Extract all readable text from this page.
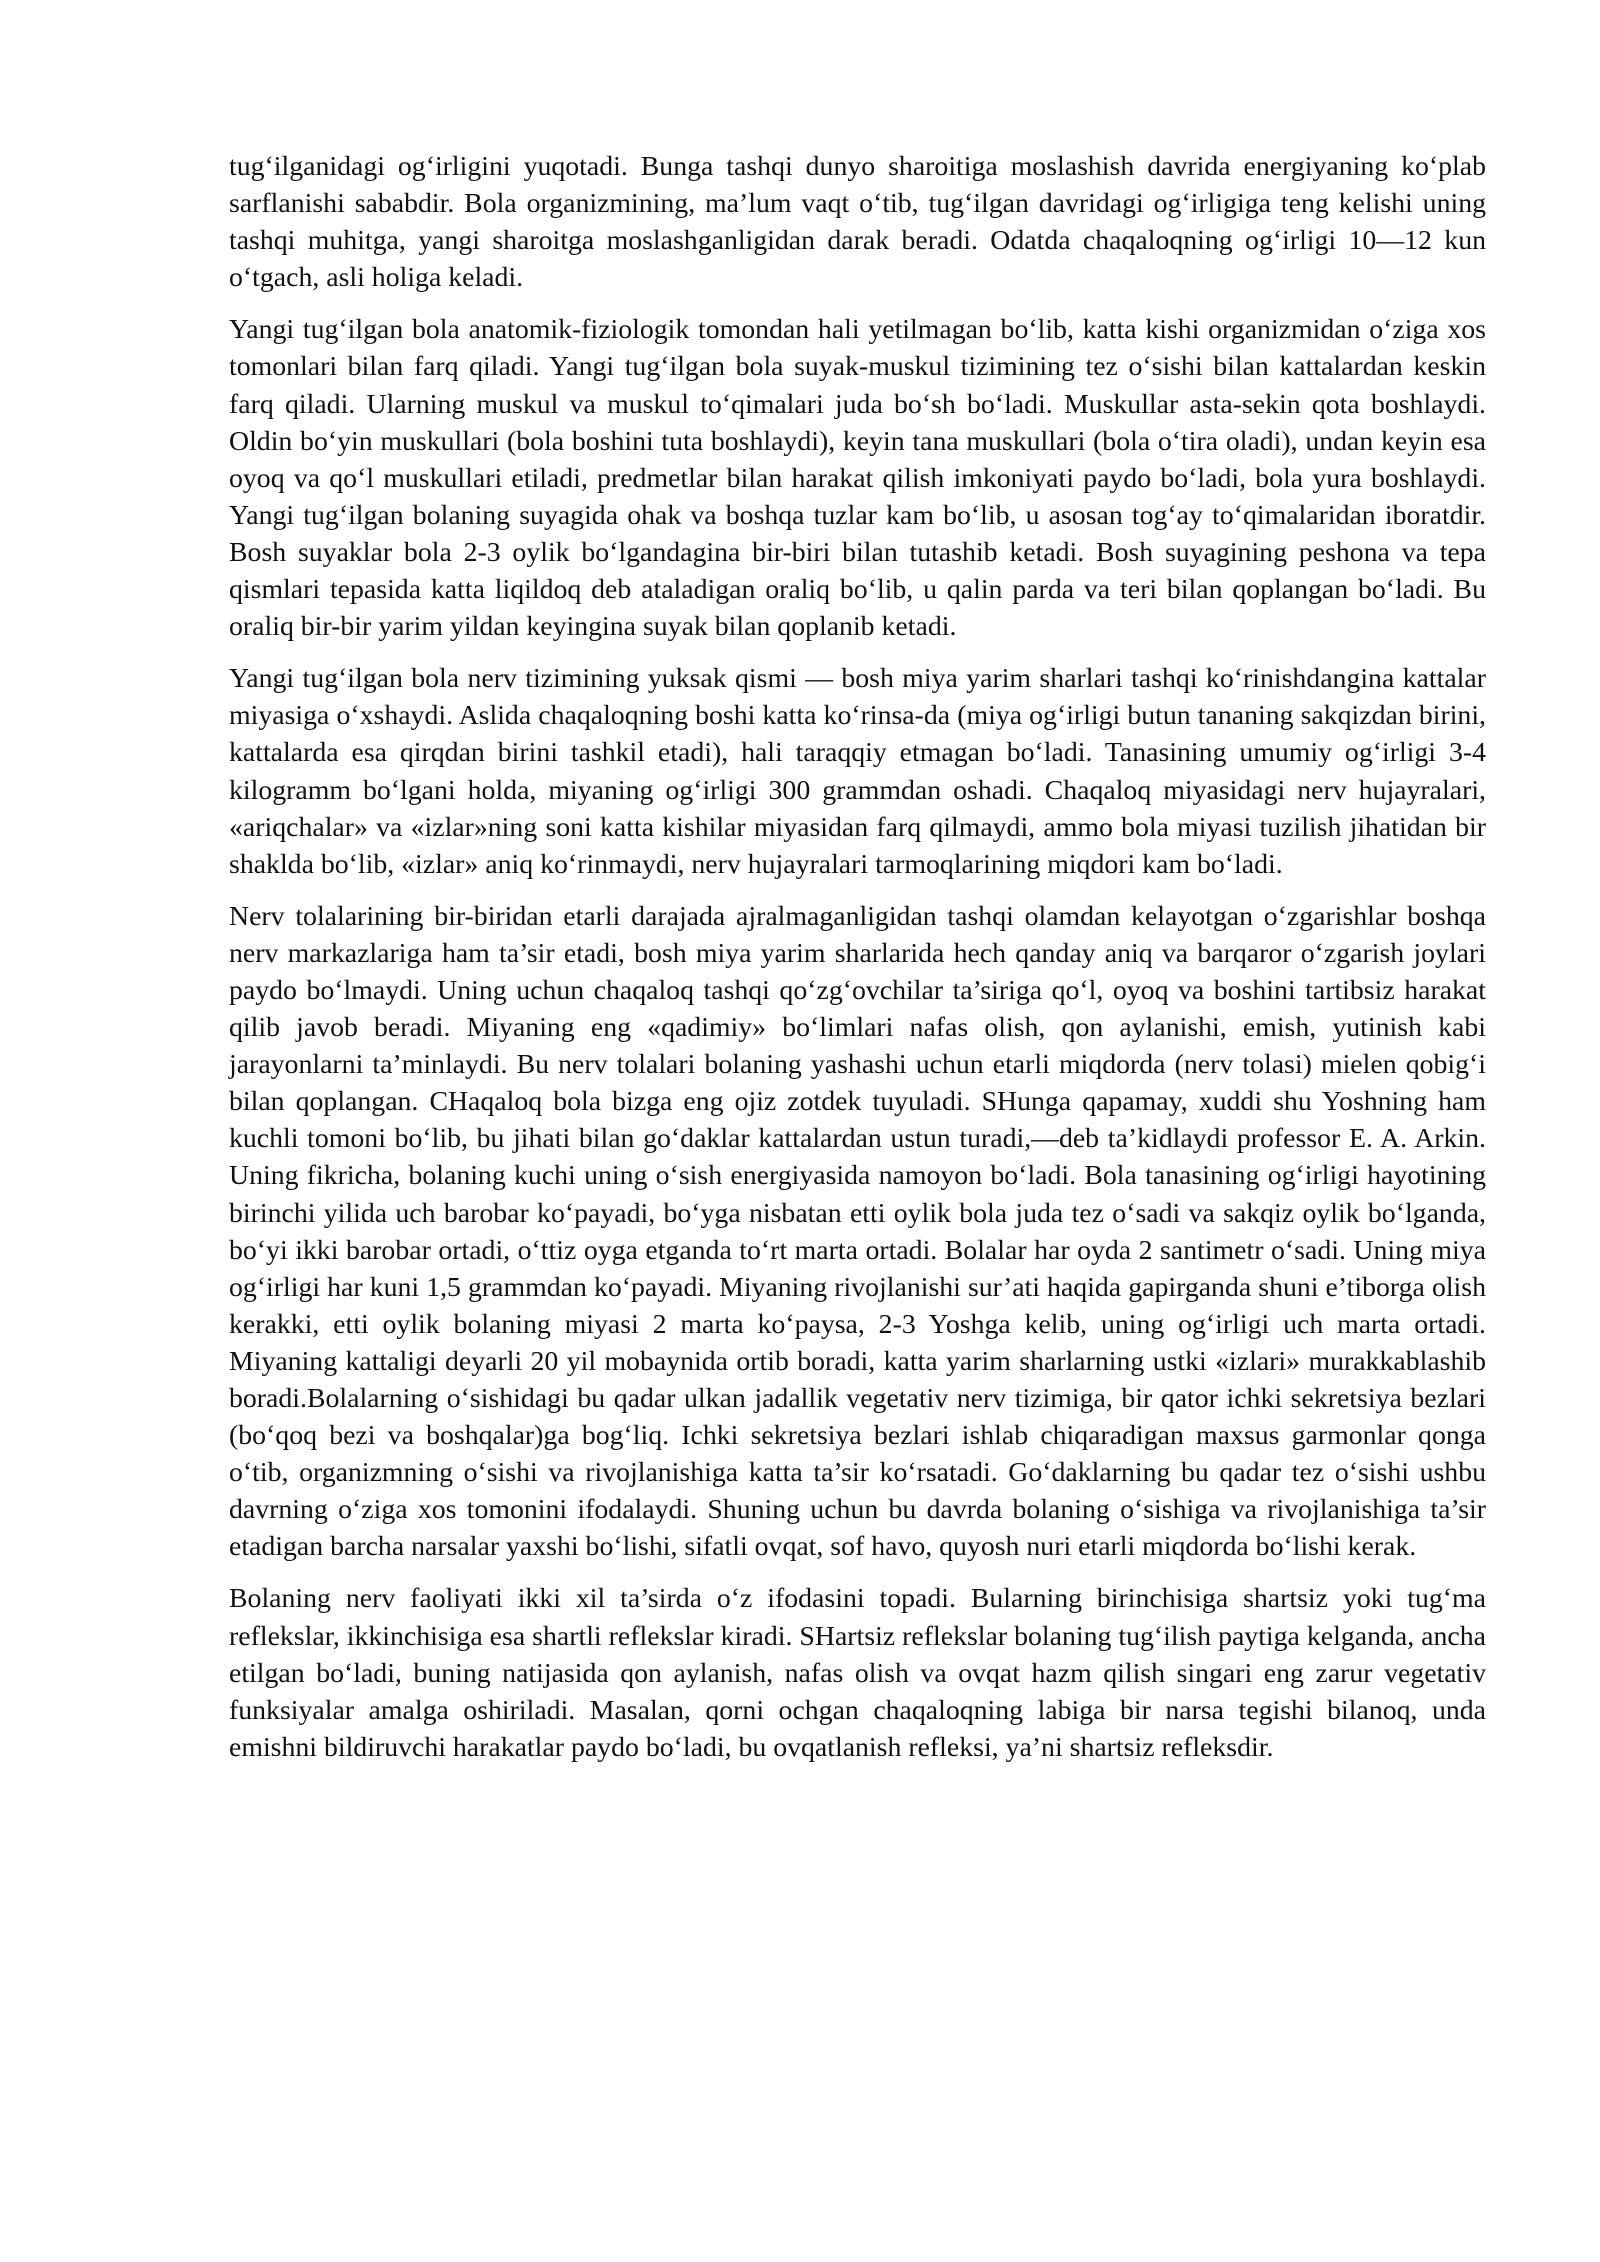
tug‘ilganidagi og‘irligini yuqotadi. Bunga tashqi dunyo sharoitiga moslashish davrida energiyaning ko‘plab sarflanishi sababdir. Bola organizmining, ma’lum vaqt o‘tib, tug‘ilgan davridagi og‘irligiga teng kelishi uning tashqi muhitga, yangi sharoitga moslashganligidan darak beradi. Odatda chaqaloqning og‘irligi 10—12 kun o‘tgach, asli holiga keladi.

Yangi tug‘ilgan bola anatomik-fiziologik tomondan hali yetilmagan bo‘lib, katta kishi organizmidan o‘ziga xos tomonlari bilan farq qiladi. Yangi tug‘ilgan bola suyak-muskul tizimining tez o‘sishi bilan kattalardan keskin farq qiladi. Ularning muskul va muskul to‘qimalari juda bo‘sh bo‘ladi. Muskullar asta-sekin qota boshlaydi. Oldin bo‘yin muskullari (bola boshini tuta boshlaydi), keyin tana muskullari (bola o‘tira oladi), undan keyin esa oyoq va qo‘l muskullari etiladi, predmetlar bilan harakat qilish imkoniyati paydo bo‘ladi, bola yura boshlaydi. Yangi tug‘ilgan bolaning suyagida ohak va boshqa tuzlar kam bo‘lib, u asosan tog‘ay to‘qimalaridan iboratdir. Bosh suyaklar bola 2-3 oylik bo‘lgandagina bir-biri bilan tutashib ketadi. Bosh suyagining peshona va tepa qismlari tepasida katta liqildoq deb ataladigan oraliq bo‘lib, u qalin parda va teri bilan qoplangan bo‘ladi. Bu oraliq bir-bir yarim yildan keyingina suyak bilan qoplanib ketadi.

Yangi tug‘ilgan bola nerv tizimining yuksak qismi — bosh miya yarim sharlari tashqi ko‘rinishdangina kattalar miyasiga o‘xshaydi. Aslida chaqaloqning boshi katta ko‘rinsa-da (miya og‘irligi butun tananing sakqizdan birini, kattalarda esa qirqdan birini tashkil etadi), hali taraqqiy etmagan bo‘ladi. Tanasining umumiy og‘irligi 3-4 kilogramm bo‘lgani holda, miyaning og‘irligi 300 grammdan oshadi. Chaqaloq miyasidagi nerv hujayralari, «ariqchalar» va «izlar»ning soni katta kishilar miyasidan farq qilmaydi, ammo bola miyasi tuzilish jihatidan bir shaklda bo‘lib, «izlar» aniq ko‘rinmaydi, nerv hujayralari tarmoqlarining miqdori kam bo‘ladi.

Nerv tolalarining bir-biridan etarli darajada ajralmaganligidan tashqi olamdan kelayotgan o‘zgarishlar boshqa nerv markazlariga ham ta’sir etadi, bosh miya yarim sharlarida hech qanday aniq va barqaror o‘zgarish joylari paydo bo‘lmaydi. Uning uchun chaqaloq tashqi qo‘zg‘ovchilar ta’siriga qo‘l, oyoq va boshini tartibsiz harakat qilib javob beradi. Miyaning eng «qadimiy» bo‘limlari nafas olish, qon aylanishi, emish, yutinish kabi jarayonlarni ta’minlaydi. Bu nerv tolalari bolaning yashashi uchun etarli miqdorda (nerv tolasi) mielen qobig‘i bilan qoplangan. CHaqaloq bola bizga eng ojiz zotdek tuyuladi. SHunga qapamay, xuddi shu Yoshning ham kuchli tomoni bo‘lib, bu jihati bilan go‘daklar kattalardan ustun turadi,—deb ta’kidlaydi professor E. A. Arkin. Uning fikricha, bolaning kuchi uning o‘sish energiyasida namoyon bo‘ladi. Bola tanasining og‘irligi hayotining birinchi yilida uch barobar ko‘payadi, bo‘yga nisbatan etti oylik bola juda tez o‘sadi va sakqiz oylik bo‘lganda, bo‘yi ikki barobar ortadi, o‘ttiz oyga etganda to‘rt marta ortadi. Bolalar har oyda 2 santimetr o‘sadi. Uning miya og‘irligi har kuni 1,5 grammdan ko‘payadi. Miyaning rivojlanishi sur’ati haqida gapirganda shuni e’tiborga olish kerakki, etti oylik bolaning miyasi 2 marta ko‘paysa, 2-3 Yoshga kelib, uning og‘irligi uch marta ortadi. Miyaning kattaligi deyarli 20 yil mobaynida ortib boradi, katta yarim sharlarning ustki «izlari» murakkablashib boradi.Bolalarning o‘sishidagi bu qadar ulkan jadallik vegetativ nerv tizimiga, bir qator ichki sekretsiya bezlari (bo‘qoq bezi va boshqalar)ga bog‘liq. Ichki sekretsiya bezlari ishlab chiqaradigan maxsus garmonlar qonga o‘tib, organizmning o‘sishi va rivojlanishiga katta ta’sir ko‘rsatadi. Go‘daklarning bu qadar tez o‘sishi ushbu davrning o‘ziga xos tomonini ifodalaydi. Shuning uchun bu davrda bolaning o‘sishiga va rivojlanishiga ta’sir etadigan barcha narsalar yaxshi bo‘lishi, sifatli ovqat, sof havo, quyosh nuri etarli miqdorda bo‘lishi kerak.

Bolaning nerv faoliyati ikki xil ta’sirda o‘z ifodasini topadi. Bularning birinchisiga shartsiz yoki tug‘ma reflekslar, ikkinchisiga esa shartli reflekslar kiradi. SHartsiz reflekslar bolaning tug‘ilish paytiga kelganda, ancha etilgan bo‘ladi, buning natijasida qon aylanish, nafas olish va ovqat hazm qilish singari eng zarur vegetativ funksiyalar amalga oshiriladi. Masalan, qorni ochgan chaqaloqning labiga bir narsa tegishi bilanoq, unda emishni bildiruvchi harakatlar paydo bo‘ladi, bu ovqatlanish refleksi, ya’ni shartsiz refleksdir.
